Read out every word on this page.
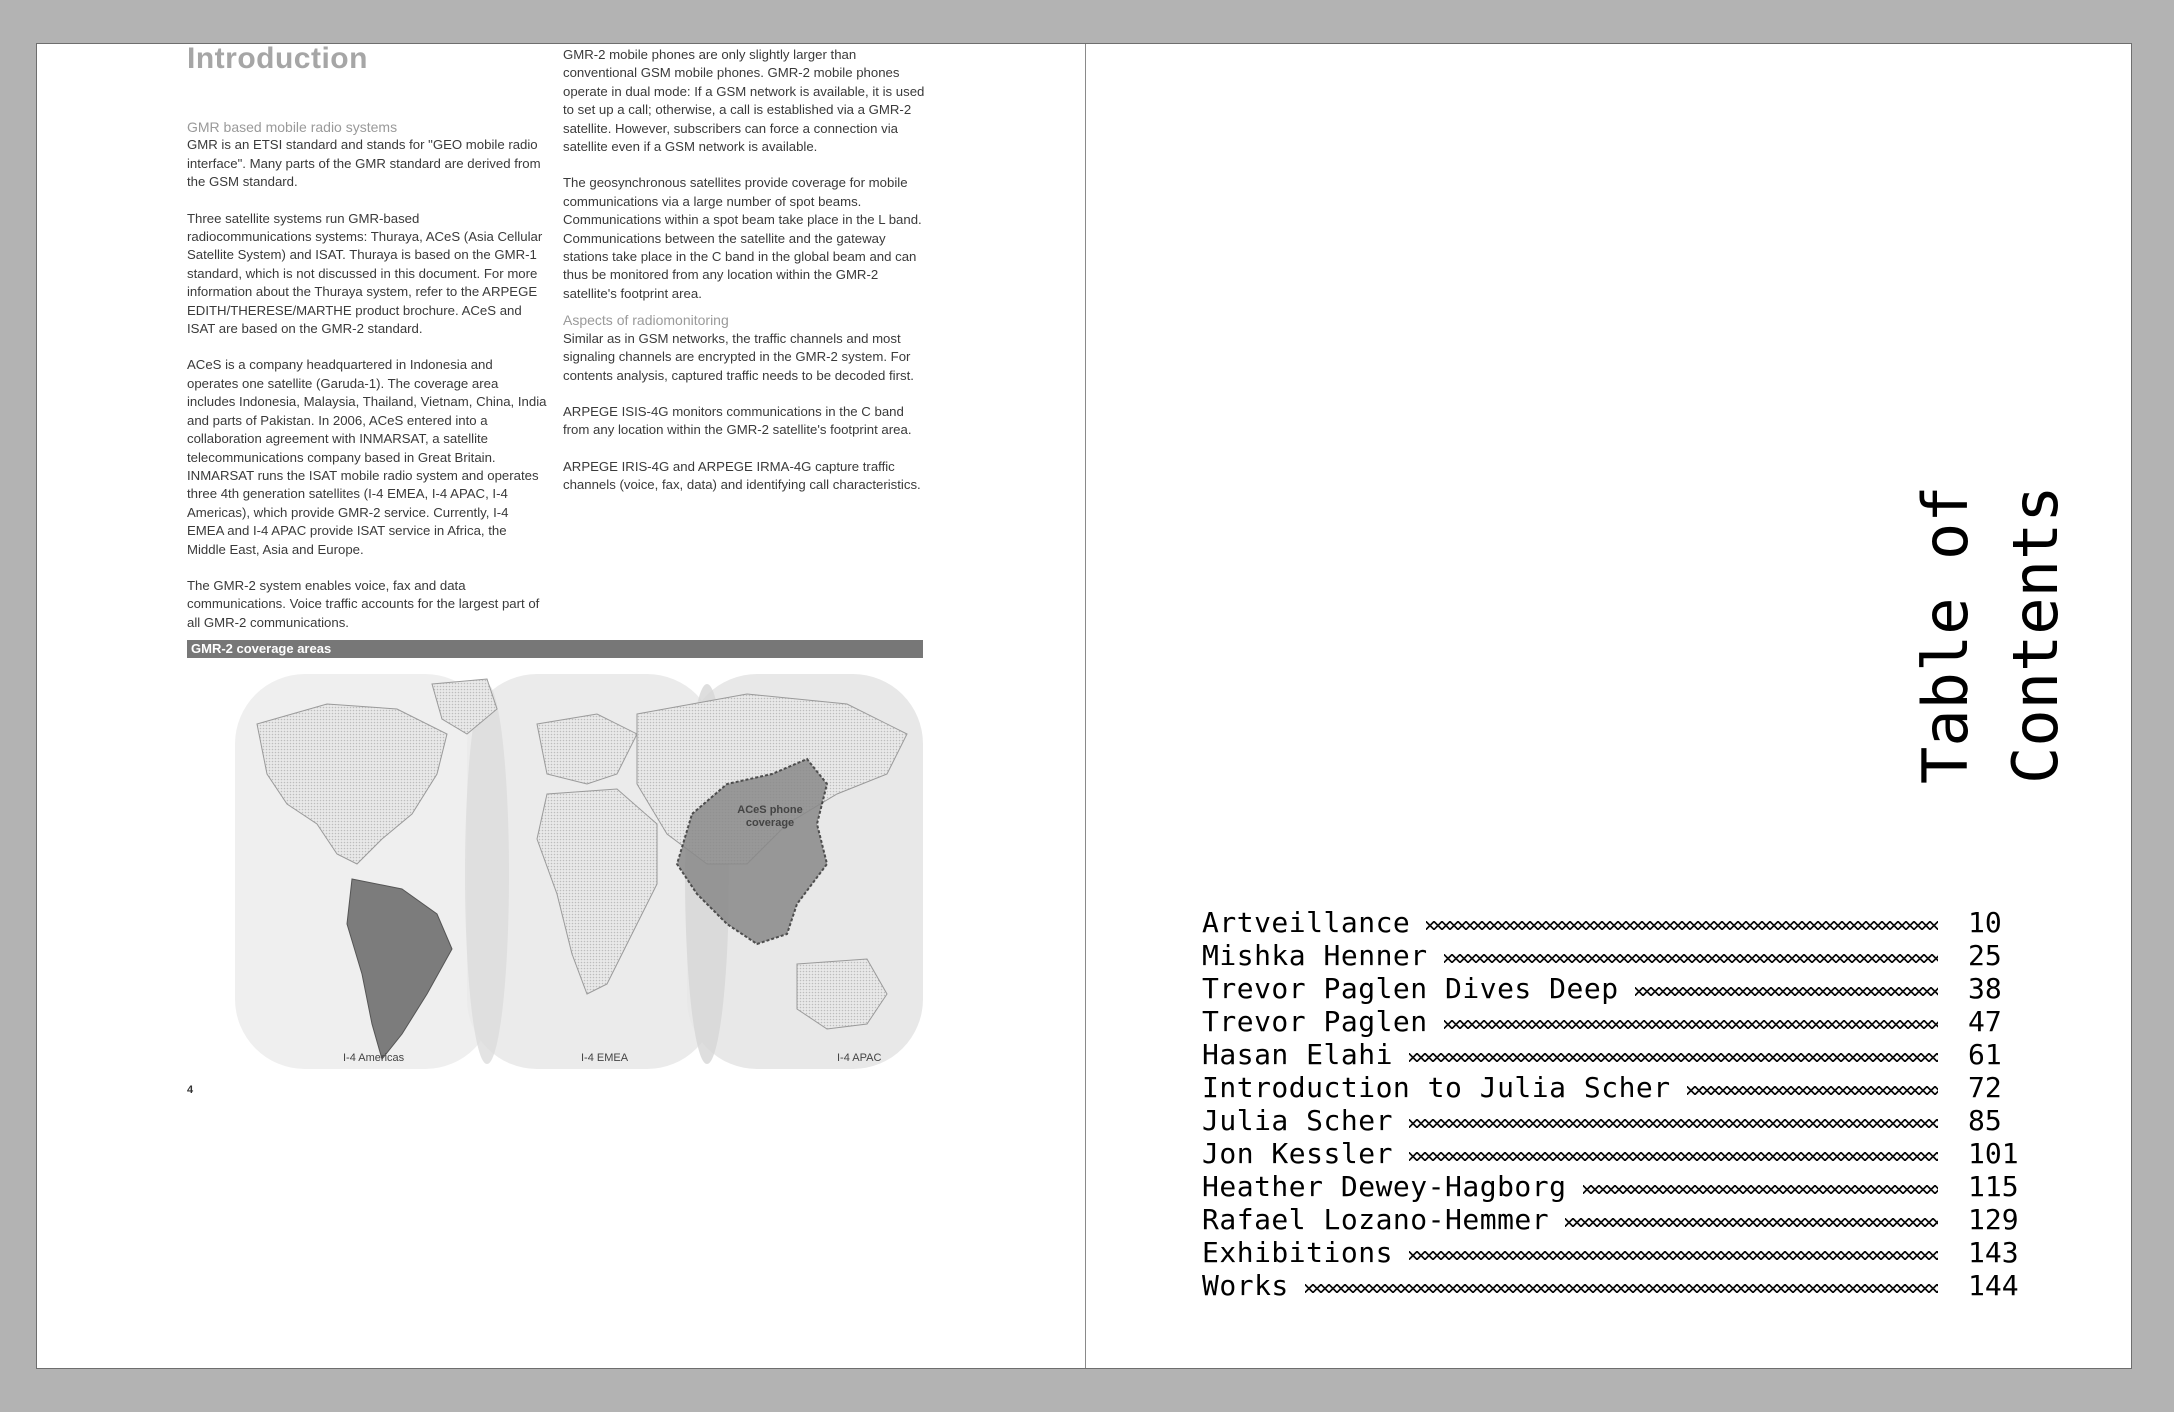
Introduction
GMR based mobile radio systems

GMR is an ETSI standard and stands for "GEO mobile radio interface". Many parts of the GMR standard are derived from the GSM standard.

Three satellite systems run GMR-based radiocommunications systems: Thuraya, ACeS (Asia Cellular Satellite System) and ISAT. Thuraya is based on the GMR-1 standard, which is not discussed in this document. For more information about the Thuraya system, refer to the ARPEGE EDITH/THERESE/MARTHE product brochure. ACeS and ISAT are based on the GMR-2 standard.

ACeS is a company headquartered in Indonesia and operates one satellite (Garuda-1). The coverage area includes Indonesia, Malaysia, Thailand, Vietnam, China, India and parts of Pakistan. In 2006, ACeS entered into a collaboration agreement with INMARSAT, a satellite telecommunications company based in Great Britain. INMARSAT runs the ISAT mobile radio system and operates three 4th generation satellites (I-4 EMEA, I-4 APAC, I-4 Americas), which provide GMR-2 service. Currently, I-4 EMEA and I-4 APAC provide ISAT service in Africa, the Middle East, Asia and Europe.

The GMR-2 system enables voice, fax and data communications. Voice traffic accounts for the largest part of all GMR-2 communications.

GMR-2 mobile phones are only slightly larger than conventional GSM mobile phones. GMR-2 mobile phones operate in dual mode: If a GSM network is available, it is used to set up a call; otherwise, a call is established via a GMR-2 satellite. However, subscribers can force a connection via satellite even if a GSM network is available.

The geosynchronous satellites provide coverage for mobile communications via a large number of spot beams. Communications within a spot beam take place in the L band. Communications between the satellite and the gateway stations take place in the C band in the global beam and can thus be monitored from any location within the GMR-2 satellite's footprint area.

Aspects of radiomonitoring

Similar as in GSM networks, the traffic channels and most signaling channels are encrypted in the GMR-2 system. For contents analysis, captured traffic needs to be decoded first.

ARPEGE ISIS-4G monitors communications in the C band from any location within the GMR-2 satellite's footprint area.

ARPEGE IRIS-4G and ARPEGE IRMA-4G capture traffic channels (voice, fax, data) and identifying call characteristics.

GMR-2 coverage areas
ACeS phone coverage
I-4 Americas	I-4 EMEA	I-4 APAC
4
Table of Contents
Artveillance	10
Mishka Henner	25
Trevor Paglen Dives Deep	38
Trevor Paglen	47
Hasan Elahi	61
Introduction to Julia Scher	72
Julia Scher	85
Jon Kessler	101
Heather Dewey-Hagborg	115
Rafael Lozano-Hemmer	129
Exhibitions	143
Works	144
